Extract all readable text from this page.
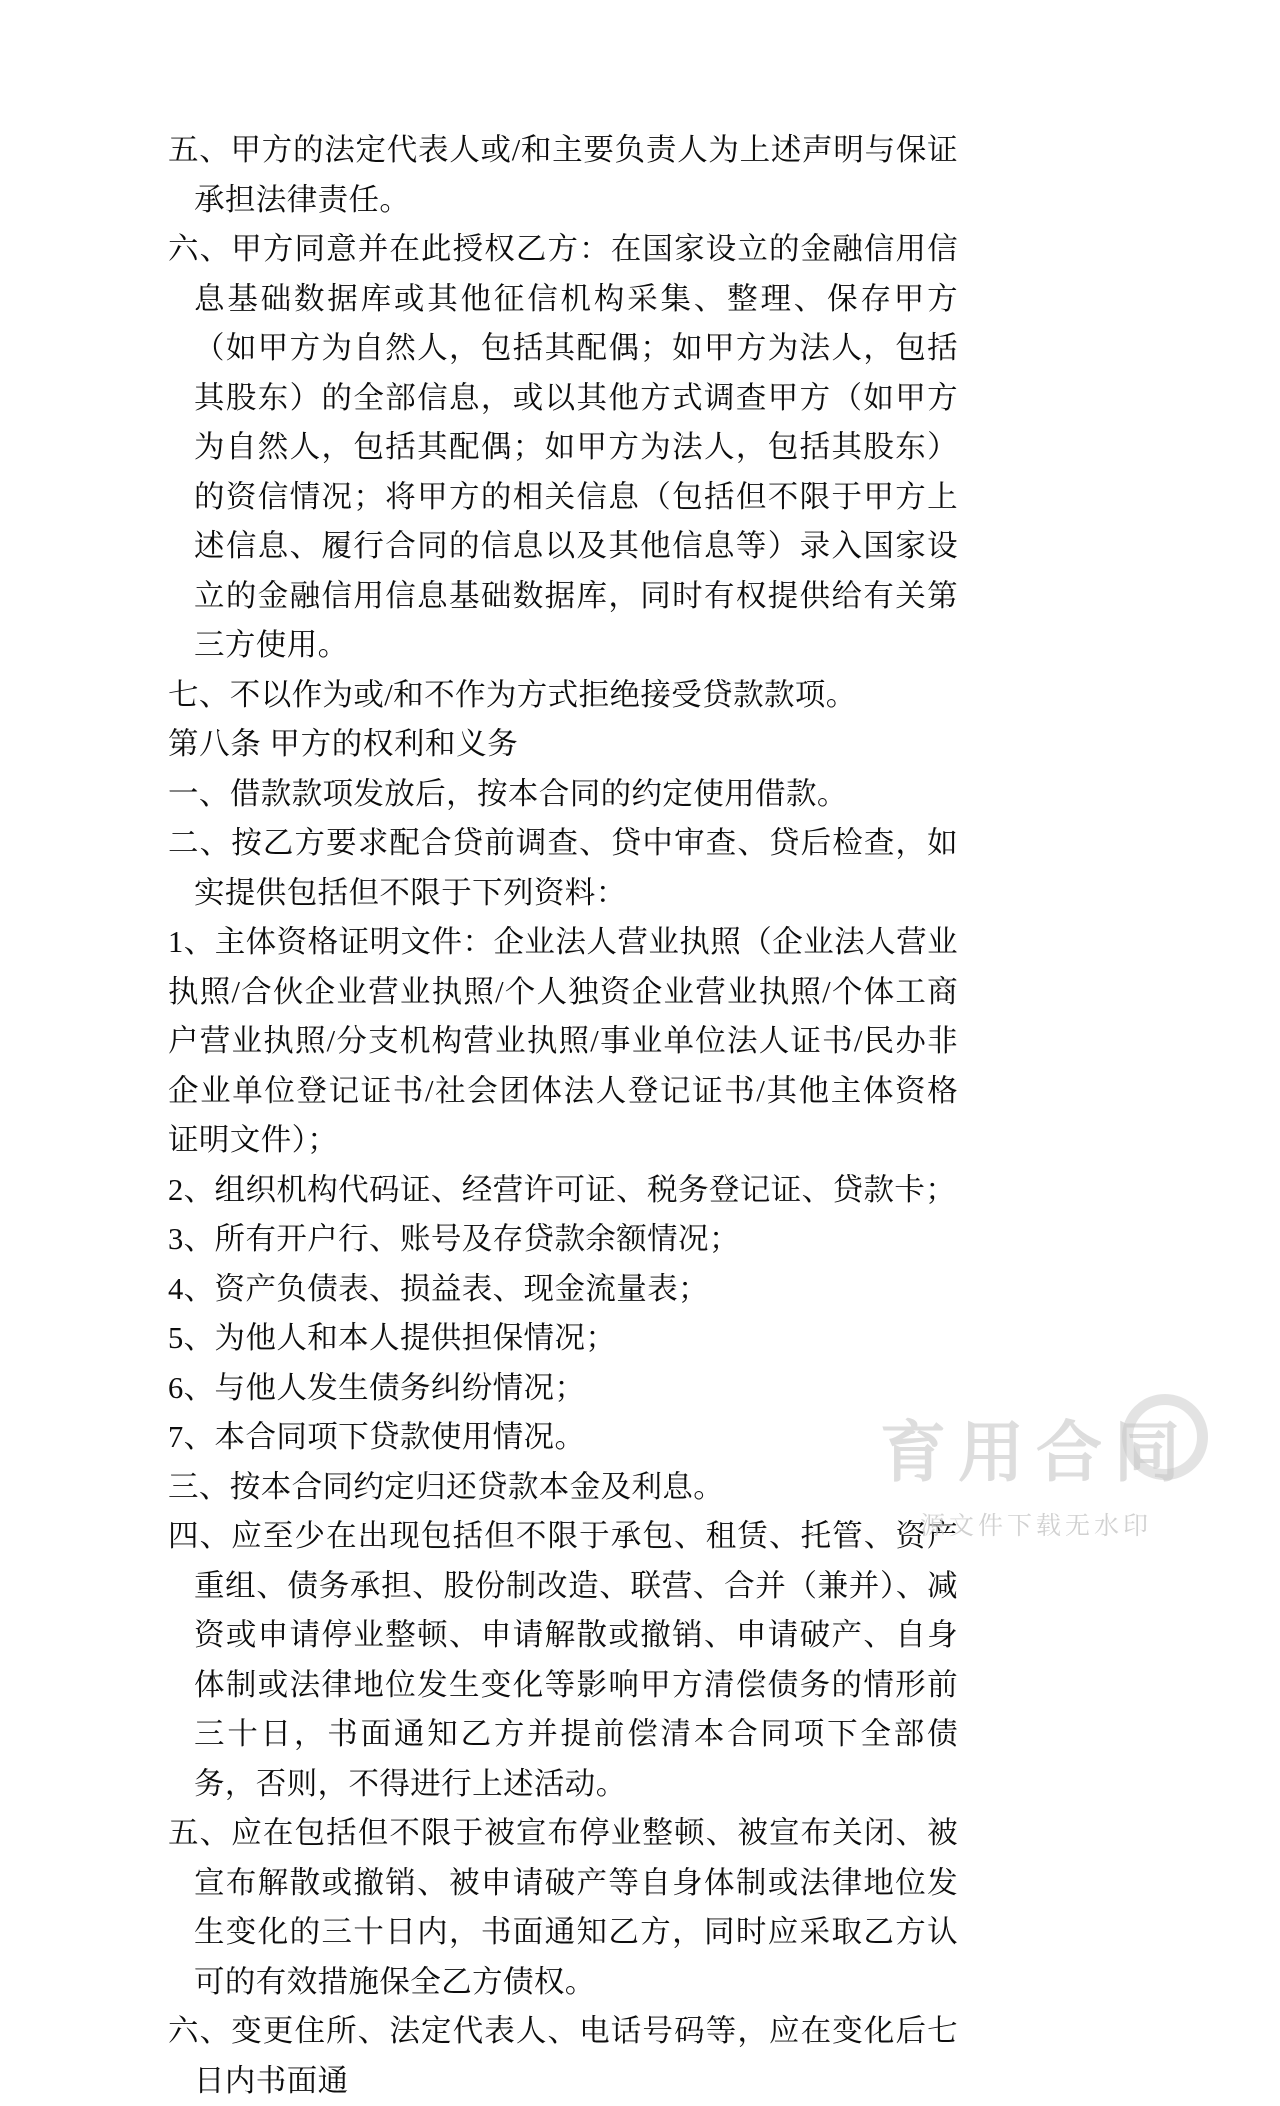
五、甲方的法定代表人或/和主要负责人为上述声明与保证承担法律责任。

六、甲方同意并在此授权乙方：在国家设立的金融信用信息基础数据库或其他征信机构采集、整理、保存甲方（如甲方为自然人，包括其配偶；如甲方为法人，包括其股东）的全部信息，或以其他方式调查甲方（如甲方为自然人，包括其配偶；如甲方为法人，包括其股东）的资信情况；将甲方的相关信息（包括但不限于甲方上述信息、履行合同的信息以及其他信息等）录入国家设立的金融信用信息基础数据库，同时有权提供给有关第三方使用。

七、不以作为或/和不作为方式拒绝接受贷款款项。

第八条 甲方的权利和义务

一、借款款项发放后，按本合同的约定使用借款。

二、按乙方要求配合贷前调查、贷中审查、贷后检查，如实提供包括但不限于下列资料：

1、主体资格证明文件：企业法人营业执照（企业法人营业执照/合伙企业营业执照/个人独资企业营业执照/个体工商户营业执照/分支机构营业执照/事业单位法人证书/民办非企业单位登记证书/社会团体法人登记证书/其他主体资格证明文件）；

2、组织机构代码证、经营许可证、税务登记证、贷款卡；

3、所有开户行、账号及存贷款余额情况；

4、资产负债表、损益表、现金流量表；

5、为他人和本人提供担保情况；

6、与他人发生债务纠纷情况；

7、本合同项下贷款使用情况。

三、按本合同约定归还贷款本金及利息。

四、应至少在出现包括但不限于承包、租赁、托管、资产重组、债务承担、股份制改造、联营、合并（兼并）、减资或申请停业整顿、申请解散或撤销、申请破产、自身体制或法律地位发生变化等影响甲方清偿债务的情形前三十日，书面通知乙方并提前偿清本合同项下全部债务，否则，不得进行上述活动。

五、应在包括但不限于被宣布停业整顿、被宣布关闭、被宣布解散或撤销、被申请破产等自身体制或法律地位发生变化的三十日内，书面通知乙方，同时应采取乙方认可的有效措施保全乙方债权。

六、变更住所、法定代表人、电话号码等，应在变化后七日内书面通

育用合同
源文件下载无水印
